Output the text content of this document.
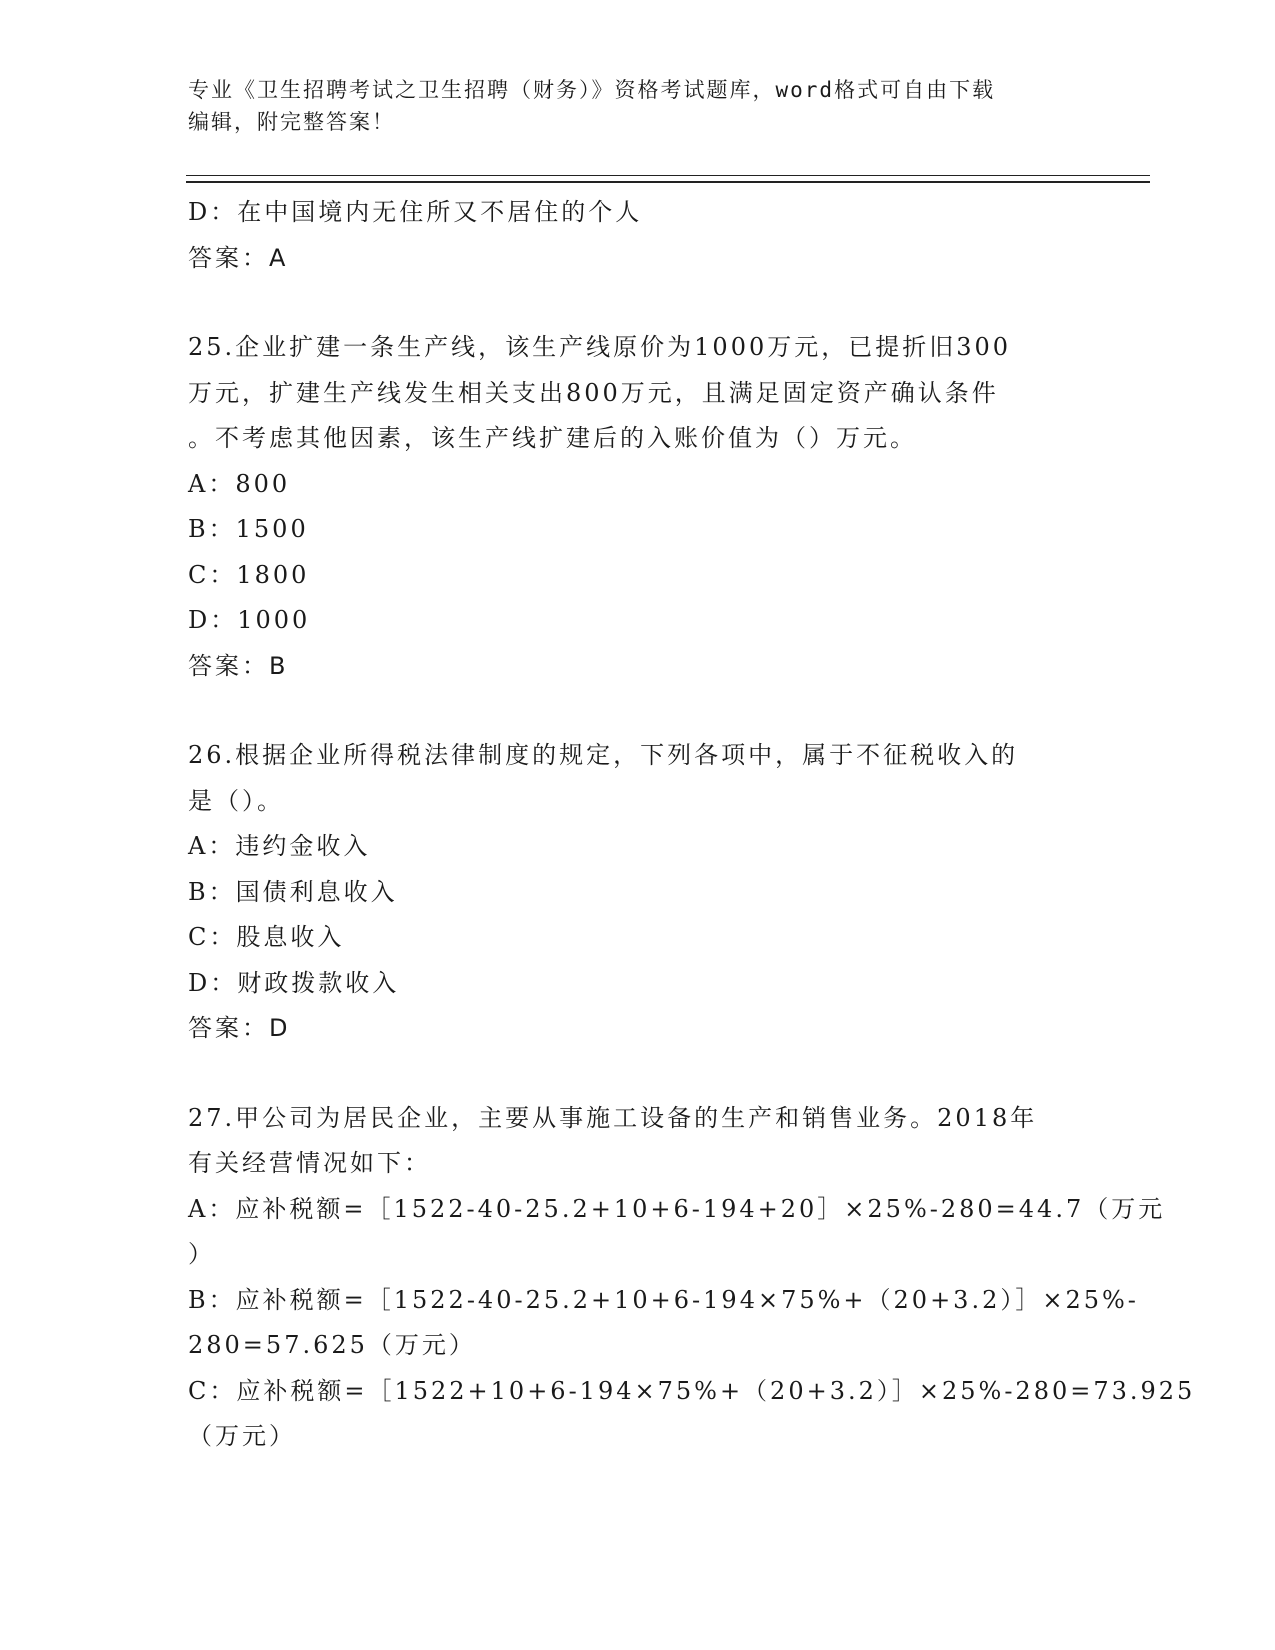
专业《卫生招聘考试之卫生招聘（财务）》资格考试题库，word格式可自由下载
编辑，附完整答案！
D：在中国境内无住所又不居住的个人
答案：A
25.企业扩建一条生产线，该生产线原价为1000万元，已提折旧300
万元，扩建生产线发生相关支出800万元，且满足固定资产确认条件
。不考虑其他因素，该生产线扩建后的入账价值为（）万元。
A：800
B：1500
C：1800
D：1000
答案：B
26.根据企业所得税法律制度的规定，下列各项中，属于不征税收入的
是（）。
A：违约金收入
B：国债利息收入
C：股息收入
D：财政拨款收入
答案：D
27.甲公司为居民企业，主要从事施工设备的生产和销售业务。2018年
有关经营情况如下：
A：应补税额=［1522-40-25.2+10+6-194+20］×25%-280=44.7（万元
）
B：应补税额=［1522-40-25.2+10+6-194×75%+（20+3.2）］×25%-
280=57.625（万元）
C：应补税额=［1522+10+6-194×75%+（20+3.2）］×25%-280=73.925
（万元）
